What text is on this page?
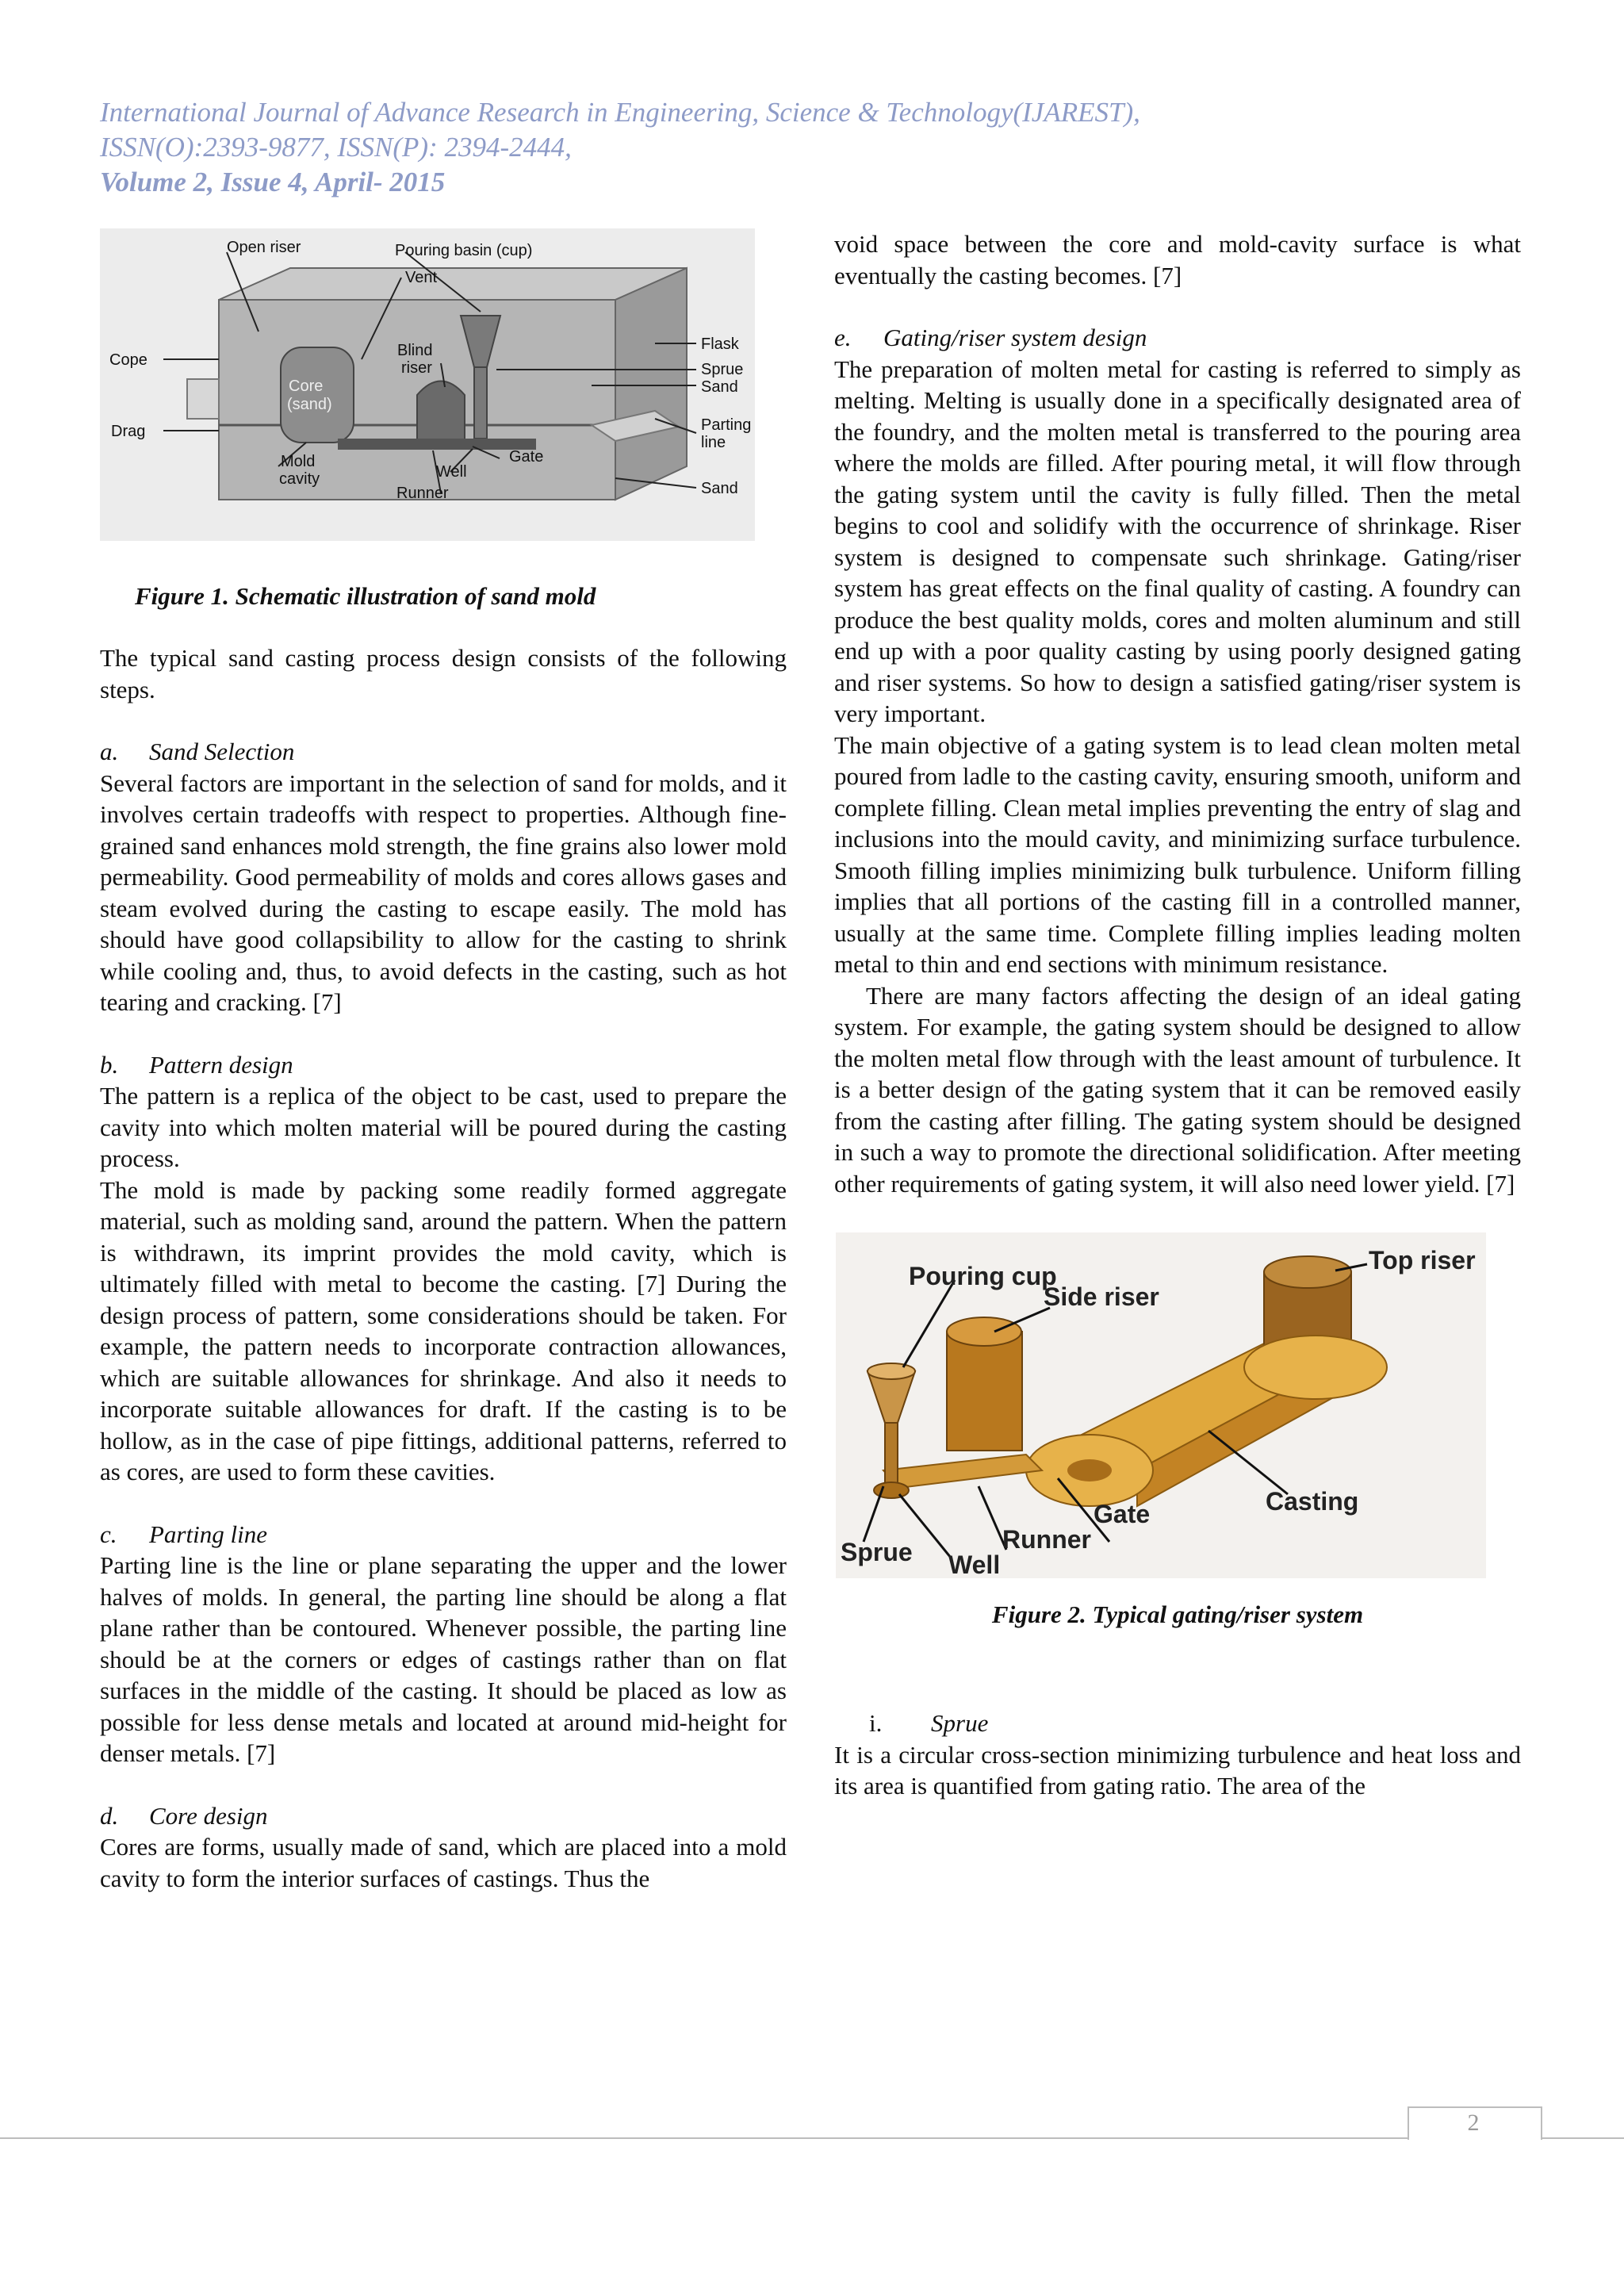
International Journal of Advance Research in Engineering, Science & Technology(IJAREST),
ISSN(O):2393-9877, ISSN(P): 2394-2444,
Volume 2, Issue 4, April- 2015
Open riser	Pouring basin (cup)
Vent
Flask
Cope
Blind
riser	Sprue
Sand
Core
(sand)
Drag	Parting
line
Gate
Mold
cavity	Well
Runner	Sand

Figure 1. Schematic illustration of sand mold

The typical sand casting process design consists of the following steps.

a. Sand Selection

Several factors are important in the selection of sand for molds, and it involves certain tradeoffs with respect to properties. Although fine-grained sand enhances mold strength, the fine grains also lower mold permeability. Good permeability of molds and cores allows gases and steam evolved during the casting to escape easily. The mold has should have good collapsibility to allow for the casting to shrink while cooling and, thus, to avoid defects in the casting, such as hot tearing and cracking. [7]

b. Pattern design

The pattern is a replica of the object to be cast, used to prepare the cavity into which molten material will be poured during the casting process.

The mold is made by packing some readily formed aggregate material, such as molding sand, around the pattern. When the pattern is withdrawn, its imprint provides the mold cavity, which is ultimately filled with metal to become the casting. [7] During the design process of pattern, some considerations should be taken. For example, the pattern needs to incorporate contraction allowances, which are suitable allowances for shrinkage. And also it needs to incorporate suitable allowances for draft. If the casting is to be hollow, as in the case of pipe fittings, additional patterns, referred to as cores, are used to form these cavities.

c. Parting line

Parting line is the line or plane separating the upper and the lower halves of molds. In general, the parting line should be along a flat plane rather than be contoured. Whenever possible, the parting line should be at the corners or edges of castings rather than on flat surfaces in the middle of the casting. It should be placed as low as possible for less dense metals and located at around mid-height for denser metals. [7]

d. Core design

Cores are forms, usually made of sand, which are placed into a mold cavity to form the interior surfaces of castings. Thus the

void space between the core and mold-cavity surface is what eventually the casting becomes. [7]

e. Gating/riser system design

The preparation of molten metal for casting is referred to simply as melting. Melting is usually done in a specifically designated area of the foundry, and the molten metal is transferred to the pouring area where the molds are filled. After pouring metal, it will flow through the gating system until the cavity is fully filled. Then the metal begins to cool and solidify with the occurrence of shrinkage. Riser system is designed to compensate such shrinkage. Gating/riser system has great effects on the final quality of casting. A foundry can produce the best quality molds, cores and molten aluminum and still end up with a poor quality casting by using poorly designed gating and riser systems. So how to design a satisfied gating/riser system is very important.

The main objective of a gating system is to lead clean molten metal poured from ladle to the casting cavity, ensuring smooth, uniform and complete filling. Clean metal implies preventing the entry of slag and inclusions into the mould cavity, and minimizing surface turbulence. Smooth filling implies minimizing bulk turbulence. Uniform filling implies that all portions of the casting fill in a controlled manner, usually at the same time. Complete filling implies leading molten metal to thin and end sections with minimum resistance.

There are many factors affecting the design of an ideal gating system. For example, the gating system should be designed to allow the molten metal flow through with the least amount of turbulence. It is a better design of the gating system that it can be removed easily from the casting after filling. The gating system should be designed in such a way to promote the directional solidification. After meeting other requirements of gating system, it will also need lower yield. [7]

Pouring cup
Side riser
Top riser
Casting
Gate
Runner
Sprue Well

Figure 2. Typical gating/riser system

i. Sprue

It is a circular cross-section minimizing turbulence and heat loss and its area is quantified from gating ratio. The area of the

2
